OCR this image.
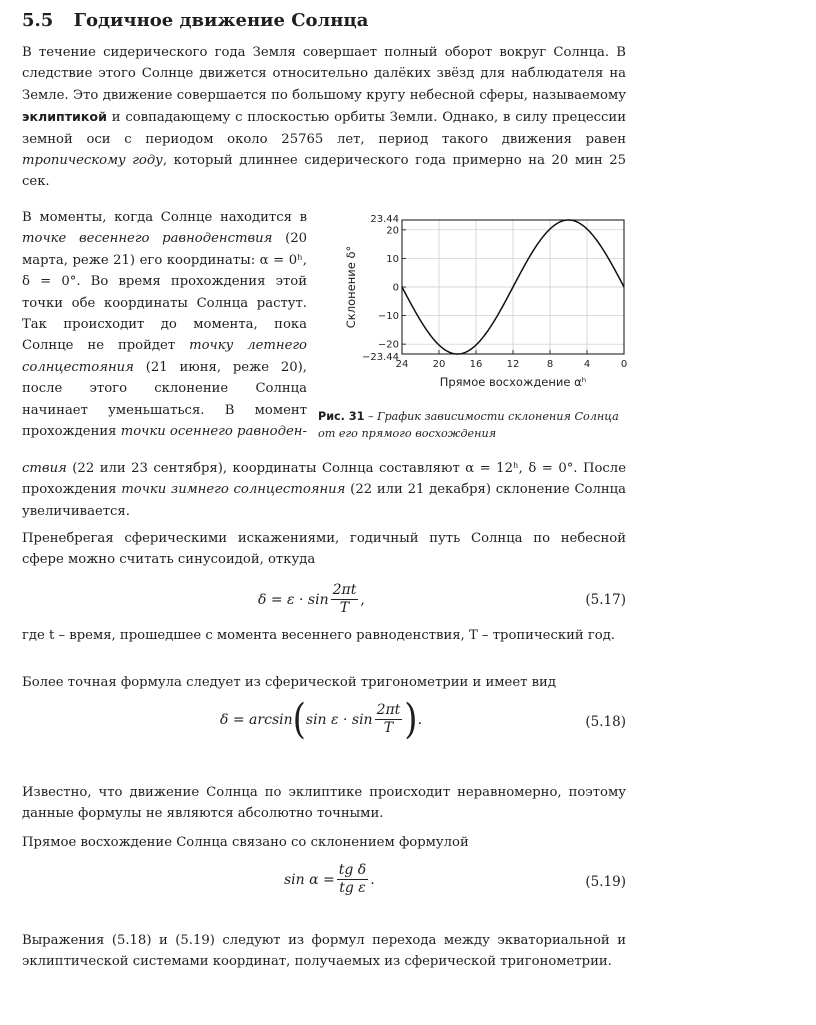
5.5 Годичное движение Солнца

В течение сидерического года Земля совершает полный оборот вокруг Солнца. В следствие этого Солнце движется относительно далёких звёзд для наблюдателя на Земле. Это движение совершается по большому кругу небесной сферы, называемому эклиптикой и совпадающему с плоскостью орбиты Земли. Однако, в силу прецессии земной оси с периодом около 25765 лет, период такого движения равен тропическому году, который длиннее сидерического года примерно на 20 мин 25 сек.

В моменты, когда Солнце находится в точке весеннего равноденствия (20 марта, реже 21) его координаты: α = 0ʰ, δ = 0°. Во время прохождения этой точки обе координаты Солнца растут. Так происходит до момента, пока Солнце не пройдет точку летнего солнцестояния (21 июня, реже 20), после этого склонение Солнца начинает уменьшаться. В момент прохождения точки осеннего равноден-

ствия (22 или 23 сентября), координаты Солнца составляют α = 12ʰ, δ = 0°. После прохождения точки зимнего солнцестояния (22 или 21 декабря) склонение Солнца увеличивается.

Пренебрегая сферическими искажениями, годичный путь Солнца по небесной сфере можно считать синусоидой, откуда

$\delta = \varepsilon \cdot \sin \frac{2\pi t}{T}$ ,	(5.17)

где t – время, прошедшее с момента весеннего равноденствия, T – тропический год.

Более точная формула следует из сферической тригонометрии и имеет вид

δ = arcsin ( $\sin \varepsilon \cdot \sin \frac{2\pi t}{T}$ ) .	(5.18)

Известно, что движение Солнца по эклиптике происходит неравномерно, поэтому данные формулы не являются абсолютно точными.

Прямое восхождение Солнца связано со склонением формулой

$\sin \alpha = \frac{\text{tg δ}}{\text{tg ε}}$ .	(5.19)

Выражения (5.18) и (5.19) следуют из формул перехода между экваториальной и эклиптической системами координат, получаемых из сферической тригонометрии.

24 20 16 12	8	4	0
23.44
20
10
0
−10
−20
−23.44
Прямое восхождение αʰ
Склонение δ°
Рис. 31 – График зависимости склонения Солнца от его прямого восхождения
